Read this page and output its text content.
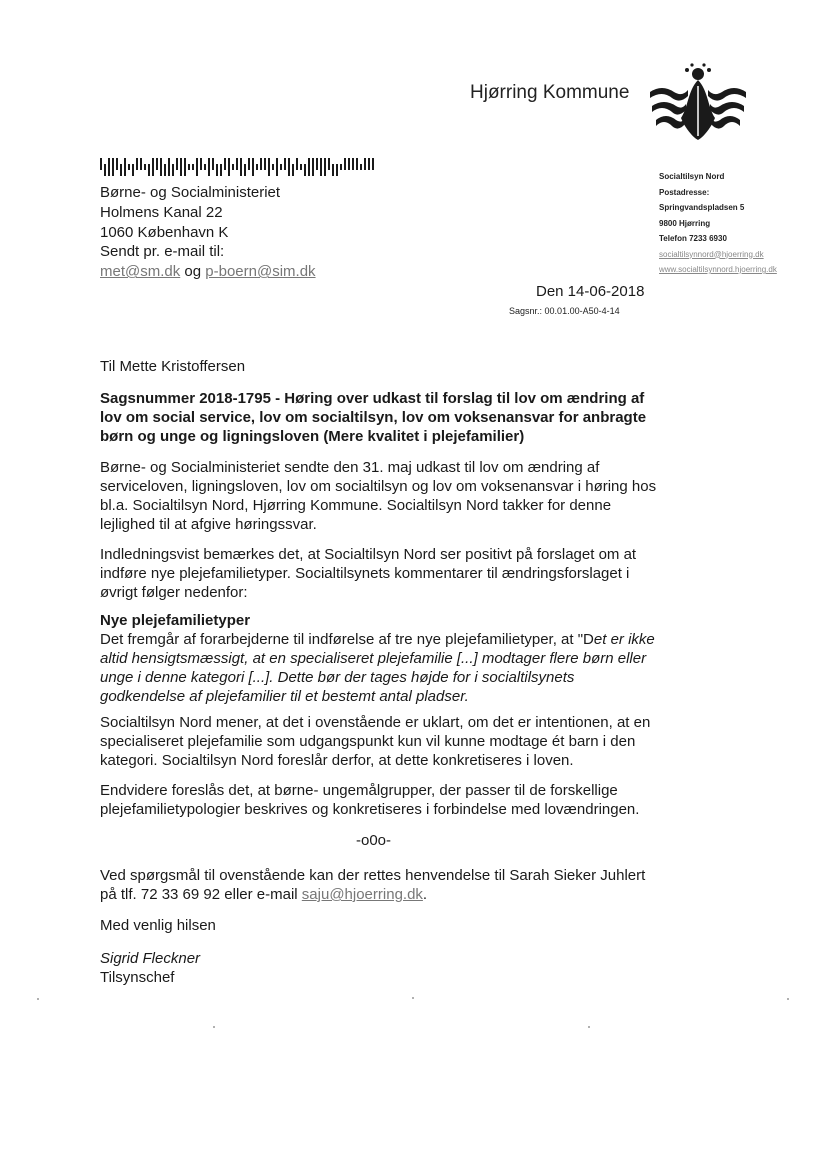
Hjørring Kommune
Børne- og Socialministeriet
Holmens Kanal 22
1060 København K
Sendt pr. e-mail til:
met@sm.dk og p-boern@sim.dk
Socialtilsyn Nord
Postadresse:
Springvandspladsen 5
9800 Hjørring
Telefon 7233 6930
socialtilsynnord@hjoerring.dk
www.socialtilsynnord.hjoerring.dk
Den 14-06-2018
Sagsnr.: 00.01.00-A50-4-14
Til Mette Kristoffersen
Sagsnummer 2018-1795 - Høring over udkast til forslag til lov om ændring af lov om social service, lov om socialtilsyn, lov om voksenansvar for anbragte børn og unge og ligningsloven (Mere kvalitet i plejefamilier)
Børne- og Socialministeriet sendte den 31. maj udkast til lov om ændring af serviceloven, ligningsloven, lov om socialtilsyn og lov om voksenansvar i høring hos bl.a. Socialtilsyn Nord, Hjørring Kommune. Socialtilsyn Nord takker for denne lejlighed til at afgive høringssvar.
Indledningsvist bemærkes det, at Socialtilsyn Nord ser positivt på forslaget om at indføre nye plejefamilietyper. Socialtilsynets kommentarer til ændringsforslaget i øvrigt følger nedenfor:
Nye plejefamilietyper
Det fremgår af forarbejderne til indførelse af tre nye plejefamilietyper, at "Det er ikke altid hensigtsmæssigt, at en specialiseret plejefamilie [...] modtager flere børn eller unge i denne kategori [...]. Dette bør der tages højde for i socialtilsynets godkendelse af plejefamilier til et bestemt antal pladser.
Socialtilsyn Nord mener, at det i ovenstående er uklart, om det er intentionen, at en specialiseret plejefamilie som udgangspunkt kun vil kunne modtage ét barn i den kategori. Socialtilsyn Nord foreslår derfor, at dette konkretiseres i loven.
Endvidere foreslås det, at børne- ungemålgrupper, der passer til de forskellige plejefamilietypologier beskrives og konkretiseres i forbindelse med lovændringen.
-o0o-
Ved spørgsmål til ovenstående kan der rettes henvendelse til Sarah Sieker Juhlert på tlf. 72 33 69 92 eller e-mail saju@hjoerring.dk.
Med venlig hilsen
Sigrid Fleckner
Tilsynschef
